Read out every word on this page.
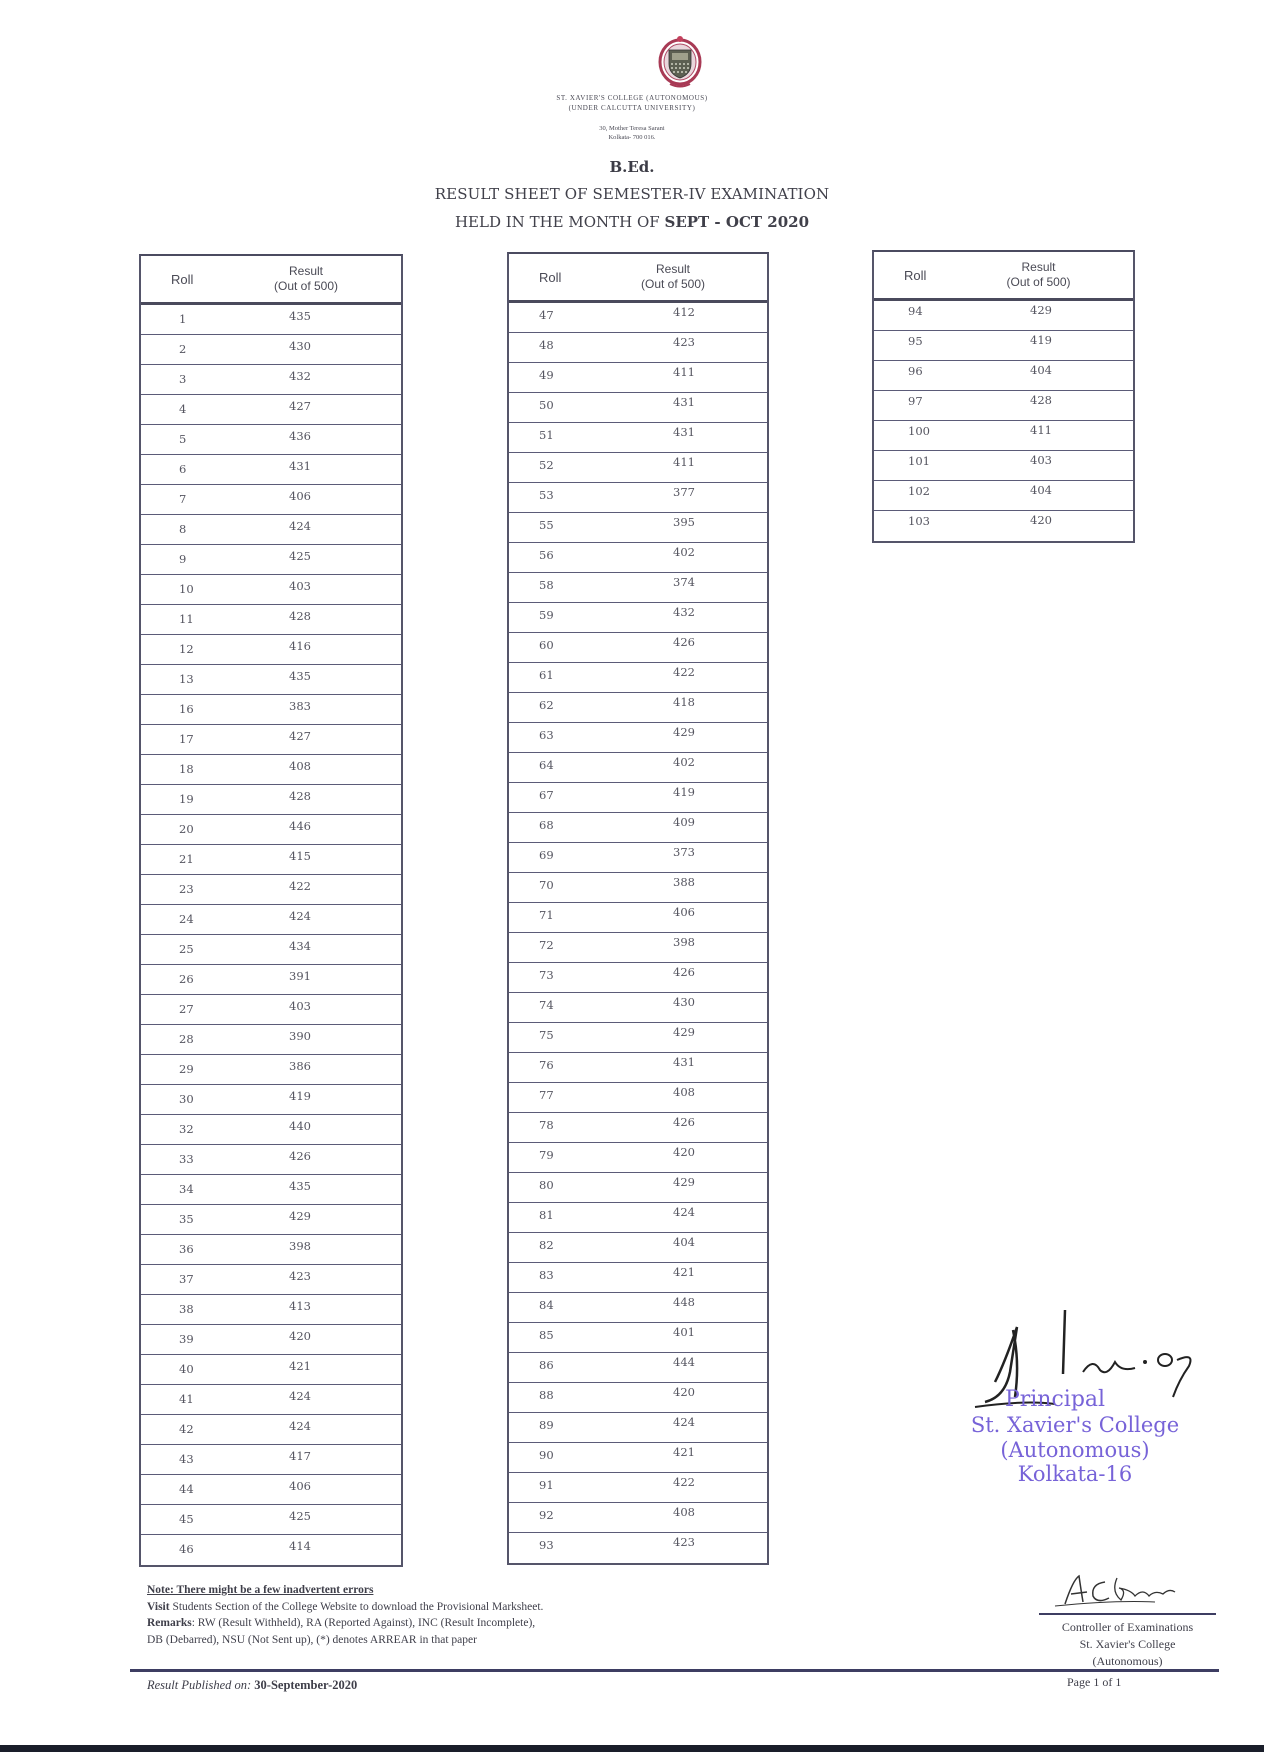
ST. XAVIER'S COLLEGE (AUTONOMOUS)
(UNDER CALCUTTA UNIVERSITY)
30, Mother Teresa Sarani
Kolkata- 700 016.
B.Ed.
RESULT SHEET OF SEMESTER-IV EXAMINATION
HELD IN THE MONTH OF SEPT - OCT 2020
Roll
Result
(Out of 500)
1	435
2	430
3	432
4	427
5	436
6	431
7	406
8	424
9	425
10	403
11	428
12	416
13	435
16	383
17	427
18	408
19	428
20	446
21	415
23	422
24	424
25	434
26	391
27	403
28	390
29	386
30	419
32	440
33	426
34	435
35	429
36	398
37	423
38	413
39	420
40	421
41	424
42	424
43	417
44	406
45	425
46	414
Roll
Result
(Out of 500)
47	412
48	423
49	411
50	431
51	431
52	411
53	377
55	395
56	402
58	374
59	432
60	426
61	422
62	418
63	429
64	402
67	419
68	409
69	373
70	388
71	406
72	398
73	426
74	430
75	429
76	431
77	408
78	426
79	420
80	429
81	424
82	404
83	421
84	448
85	401
86	444
88	420
89	424
90	421
91	422
92	408
93	423
Roll
Result
(Out of 500)
94	429
95	419
96	404
97	428
100	411
101	403
102	404
103	420
Note: There might be a few inadvertent errors
Visit Students Section of the College Website to download the Provisional Marksheet.
Remarks: RW (Result Withheld), RA (Reported Against), INC (Result Incomplete),
DB (Debarred), NSU (Not Sent up), (*) denotes ARREAR in that paper
Principal
St. Xavier's College
(Autonomous)
Kolkata-16
Controller of Examinations
St. Xavier's College
(Autonomous)
Result Published on: 30-September-2020	Page 1 of 1
